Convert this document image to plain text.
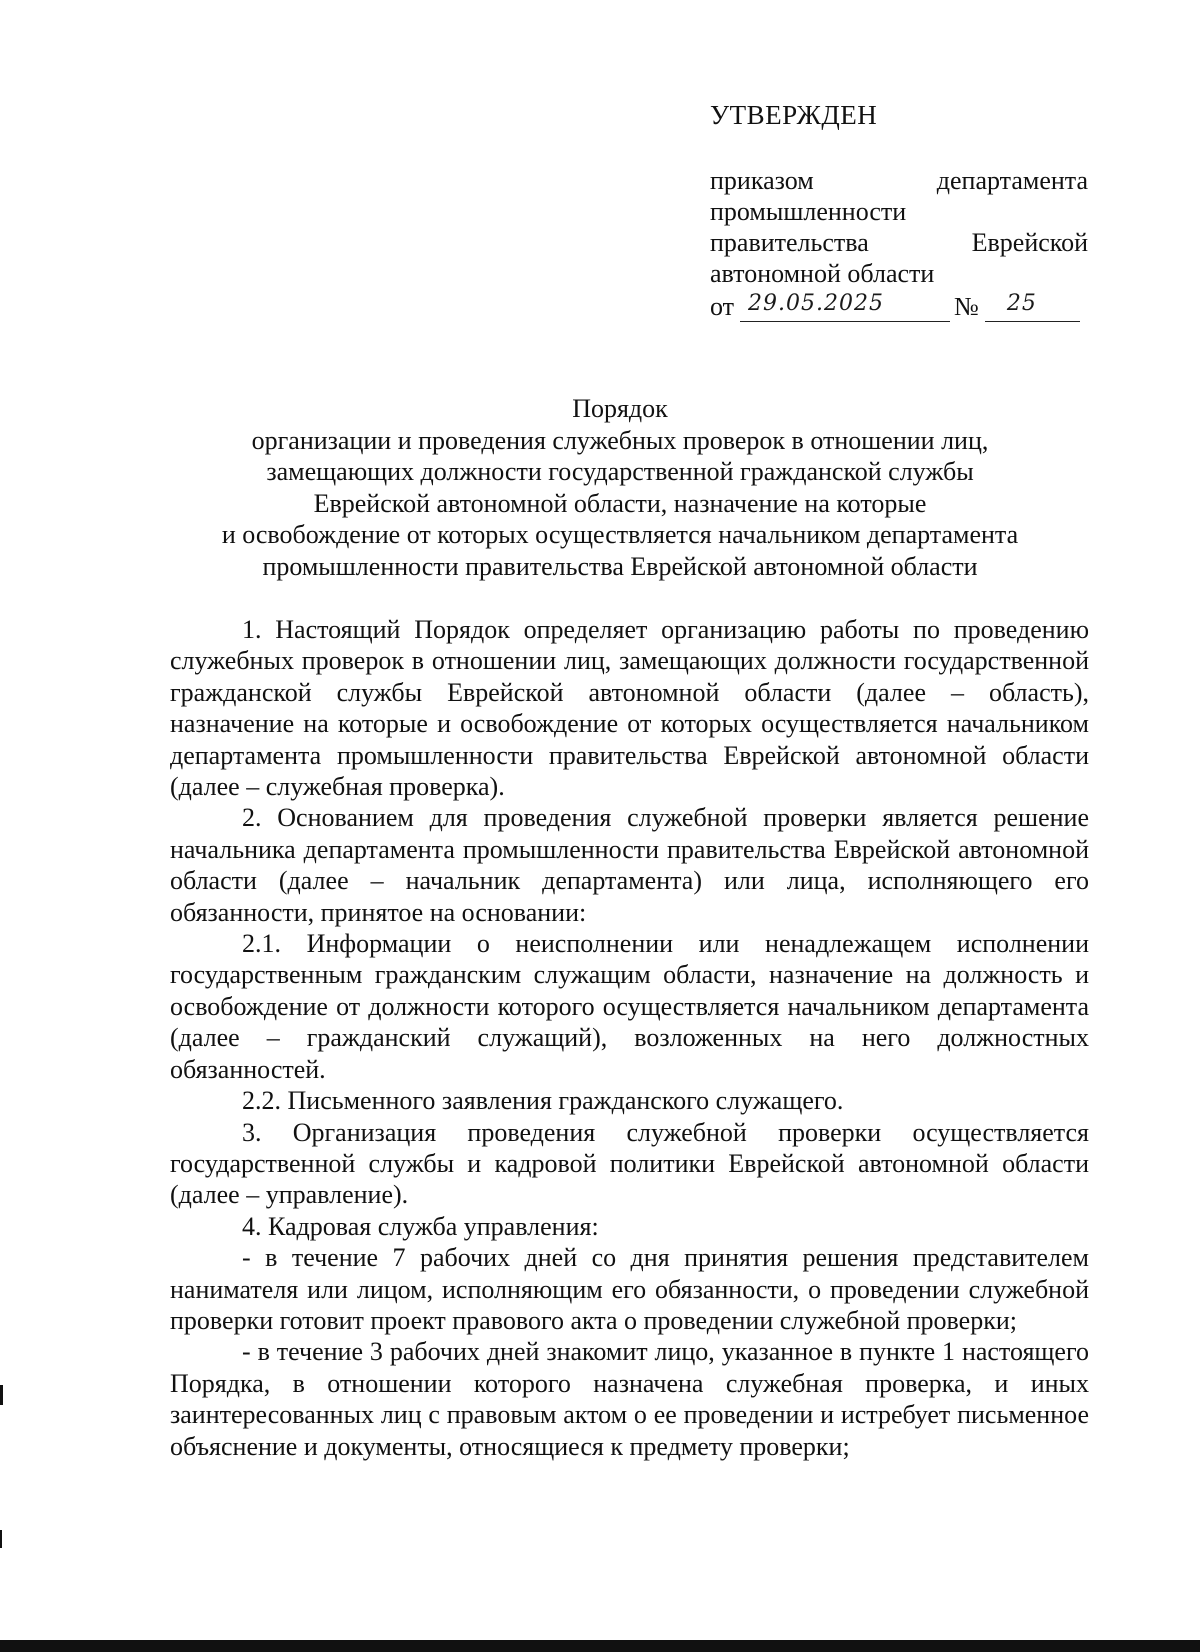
УТВЕРЖДЕН
приказом департамента
промышленности
правительства Еврейской
автономной области
от 29.05.2025	№ 25
Порядок
организации и проведения служебных проверок в отношении лиц,
замещающих должности государственной гражданской службы
Еврейской автономной области, назначение на которые
и освобождение от которых осуществляется начальником департамента
промышленности правительства Еврейской автономной области

1. Настоящий Порядок определяет организацию работы по проведению служебных проверок в отношении лиц, замещающих должности государственной гражданской службы Еврейской автономной области (далее – область), назначение на которые и освобождение от которых осуществляется начальником департамента промышленности правительства Еврейской автономной области (далее – служебная проверка).

2. Основанием для проведения служебной проверки является решение начальника департамента промышленности правительства Еврейской автономной области (далее – начальник департамента) или лица, исполняющего его обязанности, принятое на основании:

2.1. Информации о неисполнении или ненадлежащем исполнении государственным гражданским служащим области, назначение на должность и освобождение от должности которого осуществляется начальником департамента (далее – гражданский служащий), возложенных на него должностных обязанностей.

2.2. Письменного заявления гражданского служащего.

3. Организация проведения служебной проверки осуществляется государственной службы и кадровой политики Еврейской автономной области (далее – управление).

4. Кадровая служба управления:

- в течение 7 рабочих дней со дня принятия решения представителем нанимателя или лицом, исполняющим его обязанности, о проведении служебной проверки готовит проект правового акта о проведении служебной проверки;

- в течение 3 рабочих дней знакомит лицо, указанное в пункте 1 настоящего Порядка, в отношении которого назначена служебная проверка, и иных заинтересованных лиц с правовым актом о ее проведении и истребует письменное объяснение и документы, относящиеся к предмету проверки;
